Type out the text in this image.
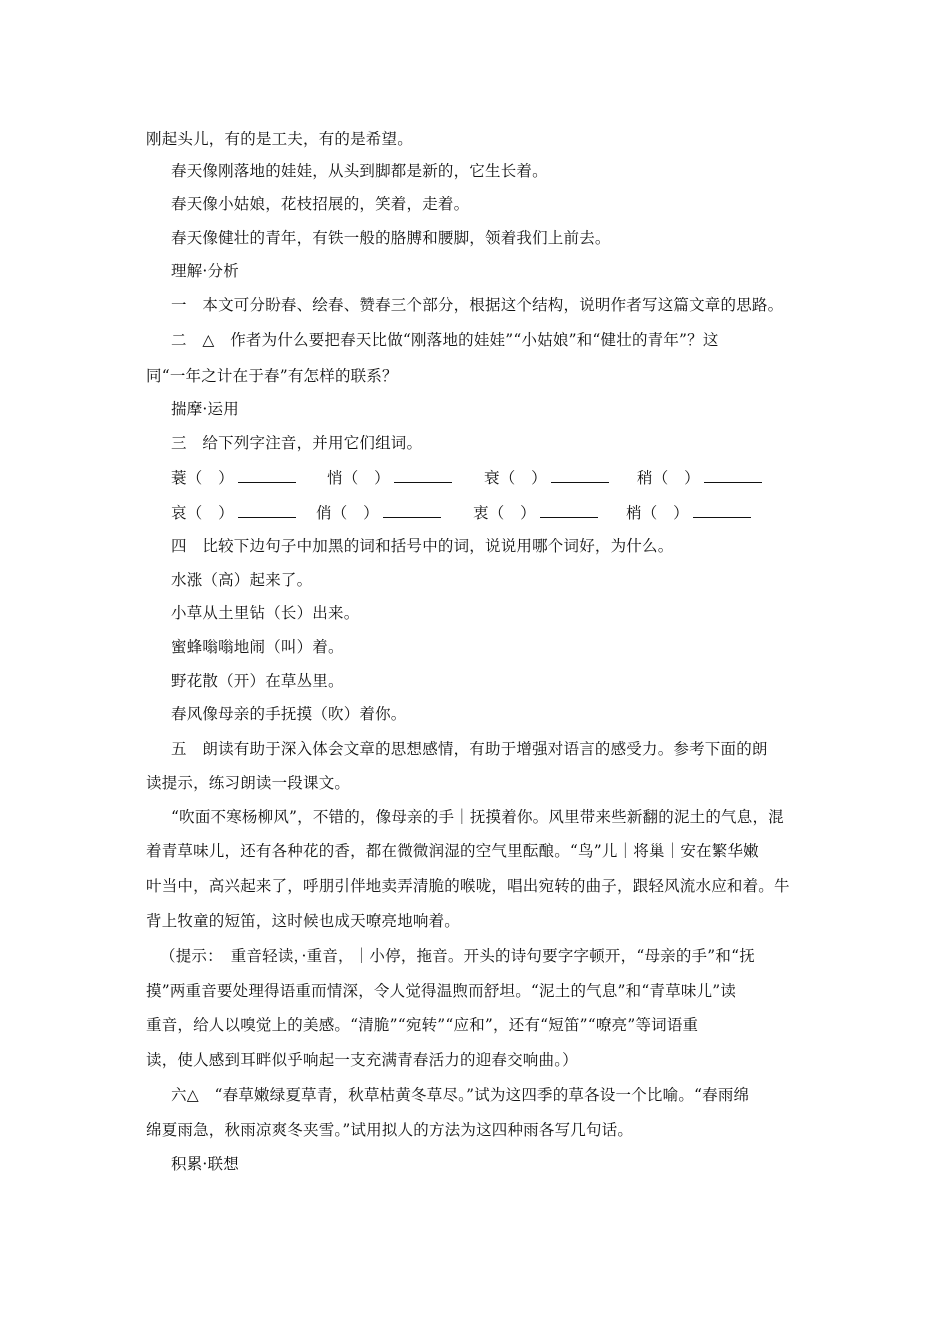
刚起头儿，有的是工夫，有的是希望。
春天像刚落地的娃娃，从头到脚都是新的，它生长着。
春天像小姑娘，花枝招展的，笑着，走着。
春天像健壮的青年，有铁一般的胳膊和腰脚，领着我们上前去。
理解·分析
一　本文可分盼春、绘春、赞春三个部分，根据这个结构，说明作者写这篇文章的思路。
二　△　作者为什么要把春天比做“刚落地的娃娃”“小姑娘”和“健壮的青年”？这
同“一年之计在于春”有怎样的联系？
揣摩·运用
三　给下列字注音，并用它们组词。
蓑（　）	悄（　）	衰（　）	稍（　）
哀（　）	俏（　）	衷（　）	梢（　）
四　比较下边句子中加黑的词和括号中的词，说说用哪个词好，为什么。
水涨（高）起来了。
小草从土里钻（长）出来。
蜜蜂嗡嗡地闹（叫）着。
野花散（开）在草丛里。
春风像母亲的手抚摸（吹）着你。
五　朗读有助于深入体会文章的思想感情，有助于增强对语言的感受力。参考下面的朗
读提示，练习朗读一段课文。
“吹面不寒杨柳风”，不错的，像母亲的手｜抚摸着你。风里带来些新翻的泥土的气息，混
着青草味儿，还有各种花的香，都在微微润湿的空气里酝酿。“鸟”儿｜将巢｜安在繁华嫩
叶当中，高兴起来了，呼朋引伴地卖弄清脆的喉咙，唱出宛转的曲子，跟轻风流水应和着。牛
背上牧童的短笛，这时候也成天嘹亮地响着。
（提示：　重音轻读，·重音，｜小停，拖音。开头的诗句要字字顿开，“母亲的手”和“抚
摸”两重音要处理得语重而情深，令人觉得温煦而舒坦。“泥土的气息”和“青草味儿”读
重音，给人以嗅觉上的美感。“清脆”“宛转”“应和”，还有“短笛”“嘹亮”等词语重
读，使人感到耳畔似乎响起一支充满青春活力的迎春交响曲。）
六△　“春草嫩绿夏草青，秋草枯黄冬草尽。”试为这四季的草各设一个比喻。“春雨绵
绵夏雨急，秋雨凉爽冬夹雪。”试用拟人的方法为这四种雨各写几句话。
积累·联想
